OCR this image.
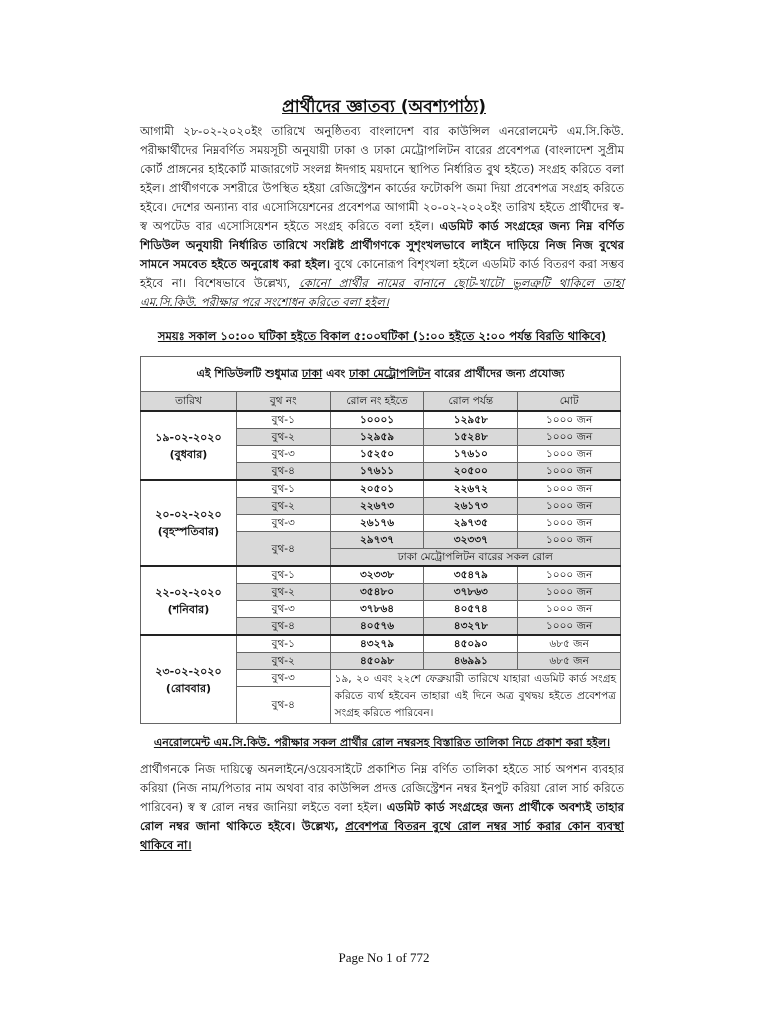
প্রার্থীদের জ্ঞাতব্য (অবশ্যপাঠ্য)
আগামী ২৮-০২-২০২০ইং তারিখে অনুষ্ঠিতব্য বাংলাদেশ বার কাউন্সিল এনরোলমেন্ট এম.সি.কিউ. পরীক্ষার্থীদের নিম্নবর্ণিত সময়সূচী অনুযায়ী ঢাকা ও ঢাকা মেট্রোপলিটন বারের প্রবেশপত্র (বাংলাদেশ সুপ্রীম কোর্ট প্রাঙ্গনের হাইকোর্ট মাজারগেট সংলগ্ন ঈদগাহ ময়দানে স্থাপিত নির্ধারিত বুথ হইতে) সংগ্রহ করিতে বলা হইল। প্রার্থীগণকে সশরীরে উপস্থিত হইয়া রেজিস্ট্রেশন কার্ডের ফটোকপি জমা দিয়া প্রবেশপত্র সংগ্রহ করিতে হইবে। দেশের অন্যান্য বার এসোসিয়েশনের প্রবেশপত্র আগামী ২০-০২-২০২০ইং তারিখ হইতে প্রার্থীদের স্ব-স্ব অপটেড বার এসোসিয়েশন হইতে সংগ্রহ করিতে বলা হইল। এডমিট কার্ড সংগ্রহের জন্য নিম্ন বর্ণিত শিডিউল অনুযায়ী নির্ধারিত তারিখে সংশ্লিষ্ট প্রার্থীগণকে সুশৃংখলভাবে লাইনে দাড়িয়ে নিজ নিজ বুথের সামনে সমবেত হইতে অনুরোধ করা হইল। বুথে কোনোরূপ বিশৃংখলা হইলে এডমিট কার্ড বিতরণ করা সম্ভব হইবে না। বিশেষভাবে উল্লেখ্য, কোনো প্রার্থীর নামের বানানে ছোট-খাটো ভুলত্রুটি থাকিলে তাহা এম.সি.কিউ. পরীক্ষার পরে সংশোধন করিতে বলা হইল।
সময়ঃ সকাল ১০:০০ ঘটিকা হইতে বিকাল ৫:০০ঘটিকা (১:০০ হইতে ২:০০ পর্যন্ত বিরতি থাকিবে)
এই শিডিউলটি শুধুমাত্র ঢাকা এবং ঢাকা মেট্রোপলিটন বারের প্রার্থীদের জন্য প্রযোজ্য				
তারিখ	বুথ নং	রোল নং হইতে	রোল পর্যন্ত	মোট

১৯-০২-২০২০
(বুধবার)	বুথ-১	১০০০১	১২৯৫৮	১০০০ জন
	বুথ-২	১২৯৫৯	১৫২৪৮	১০০০ জন
	বুথ-৩	১৫২৫০	১৭৬১০	১০০০ জন
	বুথ-৪	১৭৬১১	২০৫০০	১০০০ জন

২০-০২-২০২০
(বৃহস্পতিবার)	বুথ-১	২০৫০১	২২৬৭২	১০০০ জন
	বুথ-২	২২৬৭৩	২৬১৭৩	১০০০ জন
	বুথ-৩	২৬১৭৬	২৯৭৩৫	১০০০ জন
	বুথ-৪	২৯৭৩৭	৩২৩৩৭	১০০০ জন
		ঢাকা মেট্রোপলিটন বারের সকল রোল		

২২-০২-২০২০
(শনিবার)	বুথ-১	৩২৩৩৮	৩৫৪৭৯	১০০০ জন
	বুথ-২	৩৫৪৮০	৩৭৮৬৩	১০০০ জন
	বুথ-৩	৩৭৮৬৪	৪০৫৭৪	১০০০ জন
	বুথ-৪	৪০৫৭৬	৪৩২৭৮	১০০০ জন

২৩-০২-২০২০
(রোববার)	বুথ-১	৪৩২৭৯	৪৫০৯০	৬৮৫ জন
	বুথ-২	৪৫০৯৮	৪৬৯৯১	৬৮৫ জন
	বুথ-৩	১৯, ২০ এবং ২২শে ফেব্রুয়ারী তারিখে যাহারা এডমিট কার্ড সংগ্রহ করিতে ব্যর্থ হইবেন তাহারা এই দিনে অত্র বুথদ্বয় হইতে প্রবেশপত্র সংগ্রহ করিতে পারিবেন।		
	বুথ-৪			
এনরোলমেন্ট এম.সি.কিউ. পরীক্ষার সকল প্রার্থীর রোল নম্বরসহ বিস্তারিত তালিকা নিচে প্রকাশ করা হইল।
প্রার্থীগনকে নিজ দায়িত্বে অনলাইনে/ওয়েবসাইটে প্রকাশিত নিম্ন বর্ণিত তালিকা হইতে সার্চ অপশন ব্যবহার করিয়া (নিজ নাম/পিতার নাম অথবা বার কাউন্সিল প্রদত্ত রেজিস্ট্রেশন নম্বর ইনপুট করিয়া রোল সার্চ করিতে পারিবেন) স্ব স্ব রোল নম্বর জানিয়া লইতে বলা হইল। এডমিট কার্ড সংগ্রহের জন্য প্রার্থীকে অবশ্যই তাহার রোল নম্বর জানা থাকিতে হইবে। উল্লেখ্য, প্রবেশপত্র বিতরন বুথে রোল নম্বর সার্চ করার কোন ব্যবস্থা থাকিবে না।
Page No 1 of 772
